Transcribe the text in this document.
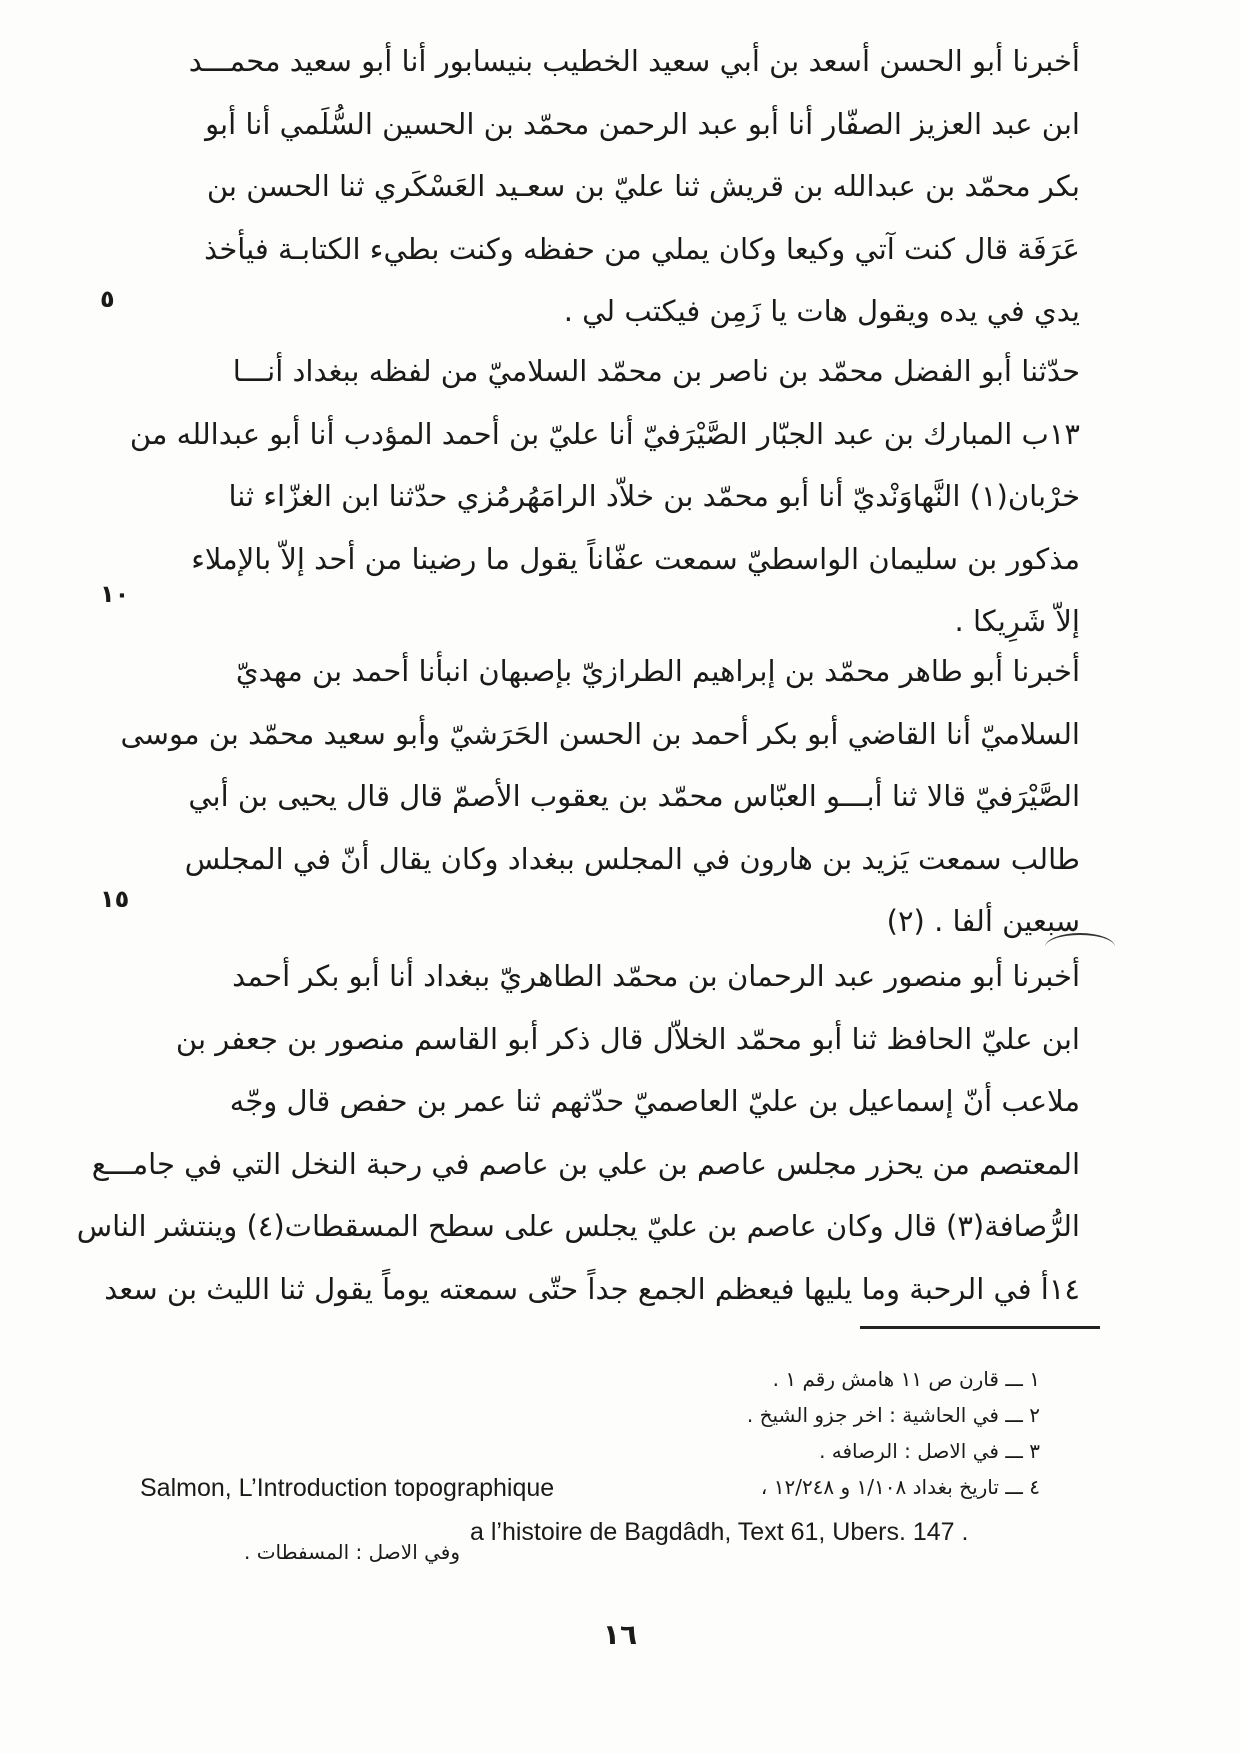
أخبرنا أبو الحسن أسعد بن أبي سعيد الخطيب بنيسابور أنا أبو سعيد محمـــد
ابن عبد العزيز الصفّار أنا أبو عبد الرحمن محمّد بن الحسين السُّلَمي أنا أبو
بكر محمّد بن عبدالله بن قريش ثنا عليّ بن سعـيد العَسْكَري ثنا الحسن بن
عَرَفَة قال كنت آتي وكيعا وكان يملي من حفظه وكنت بطيء الكتابـة فيأخذ
يدي في يده ويقول هات يا زَمِن فيكتب لي .
٥
حدّثنا أبو الفضل محمّد بن ناصر بن محمّد السلاميّ من لفظه ببغداد أنـــا
١٣ب المبارك بن عبد الجبّار الصَّيْرَفيّ أنا عليّ بن أحمد المؤدب أنا أبو عبدالله من
خرْبان(١) النَّهاوَنْديّ أنا أبو محمّد بن خلاّد الرامَهُرمُزي حدّثنا ابن الغزّاء ثنا
مذكور بن سليمان الواسطيّ سمعت عفّاناً يقول ما رضينا من أحد إلاّ بالإملاء
إلاّ شَرِيكا .
١٠
أخبرنا أبو طاهر محمّد بن إبراهيم الطرازيّ بإصبهان انبأنا أحمد بن مهديّ
السلاميّ أنا القاضي أبو بكر أحمد بن الحسن الحَرَشيّ وأبو سعيد محمّد بن موسى
الصَّيْرَفيّ قالا ثنا أبـــو العبّاس محمّد بن يعقوب الأصمّ قال قال يحيى بن أبي
طالب سمعت يَزيد بن هارون في المجلس ببغداد وكان يقال أنّ في المجلس
سبعين ألفا . (٢)
١٥
أخبرنا أبو منصور عبد الرحمان بن محمّد الطاهريّ ببغداد أنا أبو بكر أحمد
ابن عليّ الحافظ ثنا أبو محمّد الخلاّل قال ذكر أبو القاسم منصور بن جعفر بن
ملاعب أنّ إسماعيل بن عليّ العاصميّ حدّثهم ثنا عمر بن حفص قال وجّه
المعتصم من يحزر مجلس عاصم بن علي بن عاصم في رحبة النخل التي في جامـــع
الرُّصافة(٣) قال وكان عاصم بن عليّ يجلس على سطح المسقطات(٤) وينتشر الناس
١٤أ في الرحبة وما يليها فيعظم الجمع جداً حتّى سمعته يوماً يقول ثنا الليث بن سعد
١ ـــ قارن ص ١١ هامش رقم ١ .
٢ ـــ في الحاشية : اخر جزو الشيخ .
٣ ـــ في الاصل : الرصافه .
٤ ـــ تاريخ بغداد ١/١٠٨ و ١٢/٢٤٨ ،
Salmon, L’Introduction topographique
a l’histoire de Bagdâdh, Text 61, Ubers. 147 .
وفي الاصل : المسفطات .
١٦
